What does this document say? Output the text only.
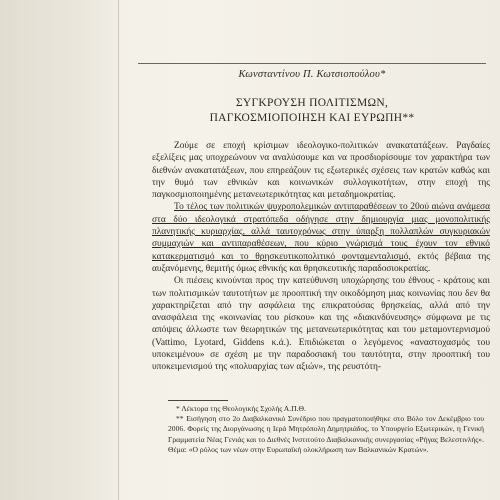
Κωνσταντίνου Π. Κωτσιοπούλου*
ΣΥΓΚΡΟΥΣΗ ΠΟΛΙΤΙΣΜΩΝ,
ΠΑΓΚΟΣΜΙΟΠΟΙΗΣΗ ΚΑΙ ΕΥΡΩΠΗ**

Ζούμε σε εποχή κρίσιμων ιδεολογικο-πολιτικών ανακατατάξεων. Ραγδαίες εξελίξεις μας υποχρεώνουν να αναλύσουμε και να προσδιορίσουμε τον χαρακτήρα των διεθνών ανακατατάξεων, που επηρεάζουν τις εξωτερικές σχέσεις των κρατών καθώς και την θυμό των εθνικών και κοινωνικών συλλογικοτήτων, στην εποχή της παγκοσμιοποιημένης μετανεωτερικότητας και μεταδημοκρατίας.

Το τέλος των πολιτικών ψυχροπολεμικών αντιπαραθέσεων το 20ού αιώνα ανάμεσα στα δύο ιδεολογικά στρατόπεδα οδήγησε στην δημιουργία μιας μονοπολιτικής πλανητικής κυριαρχίας, αλλά ταυτοχρόνως στην ύπαρξη πολλαπλών συγκυριακών συμμαχιών και αντιπαραθέσεων, που κύριο γνώρισμά τους έχουν τον εθνικό κατακερματισμό και το θρησκευτικοπολιτικό φονταμενταλισμό, εκτός βέβαια της αυξανόμενης, θεμιτής όμως εθνικής και θρησκευτικής παραδοσιοκρατίας.

Οι πιέσεις κινούνται προς την κατεύθυνση υποχώρησης του έθνους - κράτους και των πολιτισμικών ταυτοτήτων με προοπτική την οικοδόμηση μιας κοινωνίας που δεν θα χαρακτηρίζεται από την ασφάλεια της επικρατούσας θρησκείας, αλλά από την ανασφάλεια της «κοινωνίας του ρίσκου» και της «διακινδύνευσης» σύμφωνα με τις απόψεις άλλωστε των θεωρητικών της μετανεωτερικότητας και του μεταμοντερνισμού (Vattimo, Lyotard, Giddens κ.ά.). Επιδιώκεται ο λεγόμενος «αναστοχασμός του υποκειμένου» σε σχέση με την παραδοσιακή του ταυτότητα, στην προοπτική του υποκειμενισμού της «πολυαρχίας των αξιών», της ρευστότη-

* Λέκτορα της Θεολογικής Σχολής Α.Π.Θ.

** Εισήγηση στο 2ο Διαβαλκανικό Συνέδριο που πραγματοποιήθηκε στο Βόλο τον Δεκέμβριο του 2006. Φορείς της Διοργάνωσης η Ιερά Μητρόπολη Δημητριάδος, το Υπουργείο Εξωτερικών, η Γενική Γραμματεία Νέας Γενιάς και το Διεθνές Ινστιτούτο Διαβαλκανικής συνεργασίας «Ρήγας Βελεστινλής». Θέμα: «Ο ρόλος των νέων στην Ευρωπαϊκή ολοκλήρωση των Βαλκανικών Κρατών».
